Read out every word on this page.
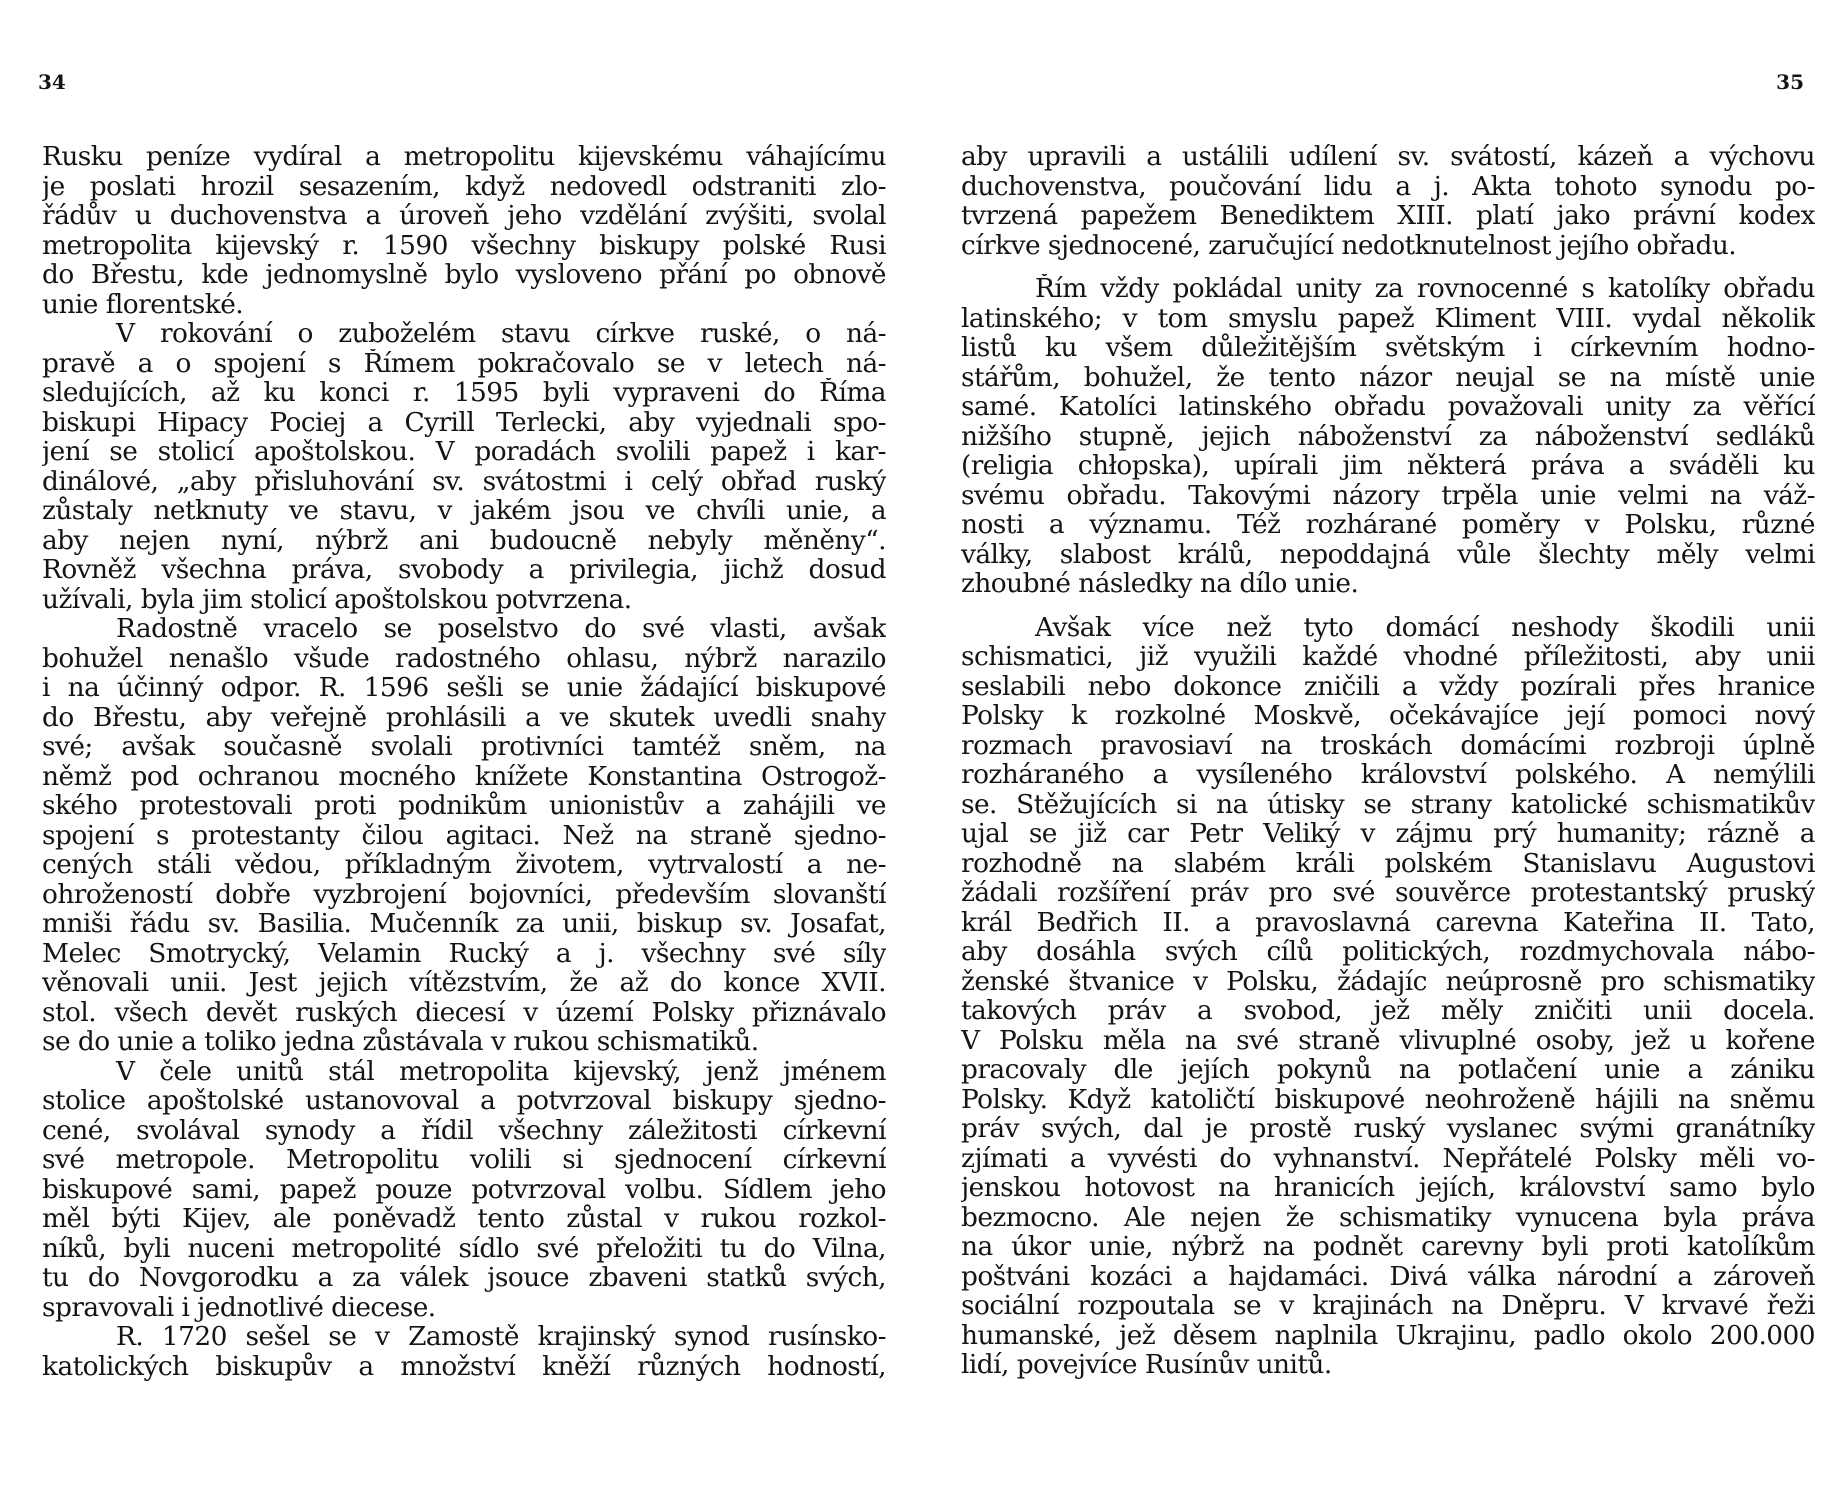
34
Rusku peníze vydíral a metropolitu kijevskému váhajícímu
je poslati hrozil sesazením, když nedovedl odstraniti zlo-
řádův u duchovenstva a úroveň jeho vzdělání zvýšiti, svolal
metropolita kijevský r. 1590 všechny biskupy polské Rusi
do Břestu, kde jednomyslně bylo vysloveno přání po obnově
unie florentské.
V rokování o zuboželém stavu církve ruské, o ná-
pravě a o spojení s Římem pokračovalo se v letech ná-
sledujících, až ku konci r. 1595 byli vypraveni do Říma
biskupi Hipacy Pociej a Cyrill Terlecki, aby vyjednali spo-
jení se stolicí apoštolskou. V poradách svolili papež i kar-
dinálové, „aby přisluhování sv. svátostmi i celý obřad ruský
zůstaly netknuty ve stavu, v jakém jsou ve chvíli unie, a
aby nejen nyní, nýbrž ani budoucně nebyly měněny“.
Rovněž všechna práva, svobody a privilegia, jichž dosud
užívali, byla jim stolicí apoštolskou potvrzena.
Radostně vracelo se poselstvo do své vlasti, avšak
bohužel nenašlo všude radostného ohlasu, nýbrž narazilo
i na účinný odpor. R. 1596 sešli se unie žádající biskupové
do Břestu, aby veřejně prohlásili a ve skutek uvedli snahy
své; avšak současně svolali protivníci tamtéž sněm, na
němž pod ochranou mocného knížete Konstantina Ostrogož-
ského protestovali proti podnikům unionistův a zahájili ve
spojení s protestanty čilou agitaci. Než na straně sjedno-
cených stáli vědou, příkladným životem, vytrvalostí a ne-
ohrožeností dobře vyzbrojení bojovníci, především slovanští
mniši řádu sv. Basilia. Mučenník za unii, biskup sv. Josafat,
Melec Smotrycký, Velamin Rucký a j. všechny své síly
věnovali unii. Jest jejich vítězstvím, že až do konce XVII.
stol. všech devět ruských diecesí v území Polsky přiznávalo
se do unie a toliko jedna zůstávala v rukou schismatiků.
V čele unitů stál metropolita kijevský, jenž jménem
stolice apoštolské ustanovoval a potvrzoval biskupy sjedno-
cené, svolával synody a řídil všechny záležitosti církevní
své metropole. Metropolitu volili si sjednocení církevní
biskupové sami, papež pouze potvrzoval volbu. Sídlem jeho
měl býti Kijev, ale poněvadž tento zůstal v rukou rozkol-
níků, byli nuceni metropolité sídlo své přeložiti tu do Vilna,
tu do Novgorodku a za válek jsouce zbaveni statků svých,
spravovali i jednotlivé diecese.
R. 1720 sešel se v Zamostě krajinský synod rusínsko-
katolických biskupův a množství kněží různých hodností,
35
aby upravili a ustálili udílení sv. svátostí, kázeň a výchovu
duchovenstva, poučování lidu a j. Akta tohoto synodu po-
tvrzená papežem Benediktem XIII. platí jako právní kodex
církve sjednocené, zaručující nedotknutelnost jejího obřadu.
Řím vždy pokládal unity za rovnocenné s katolíky obřadu
latinského; v tom smyslu papež Kliment VIII. vydal několik
listů ku všem důležitějším světským i církevním hodno-
stářům, bohužel, že tento názor neujal se na místě unie
samé. Katolíci latinského obřadu považovali unity za věřící
nižšího stupně, jejich náboženství za náboženství sedláků
(religia chłopska), upírali jim některá práva a sváděli ku
svému obřadu. Takovými názory trpěla unie velmi na váž-
nosti a významu. Též rozhárané poměry v Polsku, různé
války, slabost králů, nepoddajná vůle šlechty měly velmi
zhoubné následky na dílo unie.
Avšak více než tyto domácí neshody škodili unii
schismatici, již využili každé vhodné příležitosti, aby unii
seslabili nebo dokonce zničili a vždy pozírali přes hranice
Polsky k rozkolné Moskvě, očekávajíce její pomoci nový
rozmach pravosiaví na troskách domácími rozbroji úplně
rozháraného a vysíleného království polského. A nemýlili
se. Stěžujících si na útisky se strany katolické schismatikův
ujal se již car Petr Veliký v zájmu prý humanity; rázně a
rozhodně na slabém králi polském Stanislavu Augustovi
žádali rozšíření práv pro své souvěrce protestantský pruský
král Bedřich II. a pravoslavná carevna Kateřina II. Tato,
aby dosáhla svých cílů politických, rozdmychovala nábo-
ženské štvanice v Polsku, žádajíc neúprosně pro schismatiky
takových práv a svobod, jež měly zničiti unii docela.
V Polsku měla na své straně vlivuplné osoby, jež u kořene
pracovaly dle jejích pokynů na potlačení unie a zániku
Polsky. Když katoličtí biskupové neohroženě hájili na sněmu
práv svých, dal je prostě ruský vyslanec svými granátníky
zjímati a vyvésti do vyhnanství. Nepřátelé Polsky měli vo-
jenskou hotovost na hranicích jejích, království samo bylo
bezmocno. Ale nejen že schismatiky vynucena byla práva
na úkor unie, nýbrž na podnět carevny byli proti katolíkům
poštváni kozáci a hajdamáci. Divá válka národní a zároveň
sociální rozpoutala se v krajinách na Dněpru. V krvavé řeži
humanské, jež děsem naplnila Ukrajinu, padlo okolo 200.000
lidí, povejvíce Rusínův unitů.
